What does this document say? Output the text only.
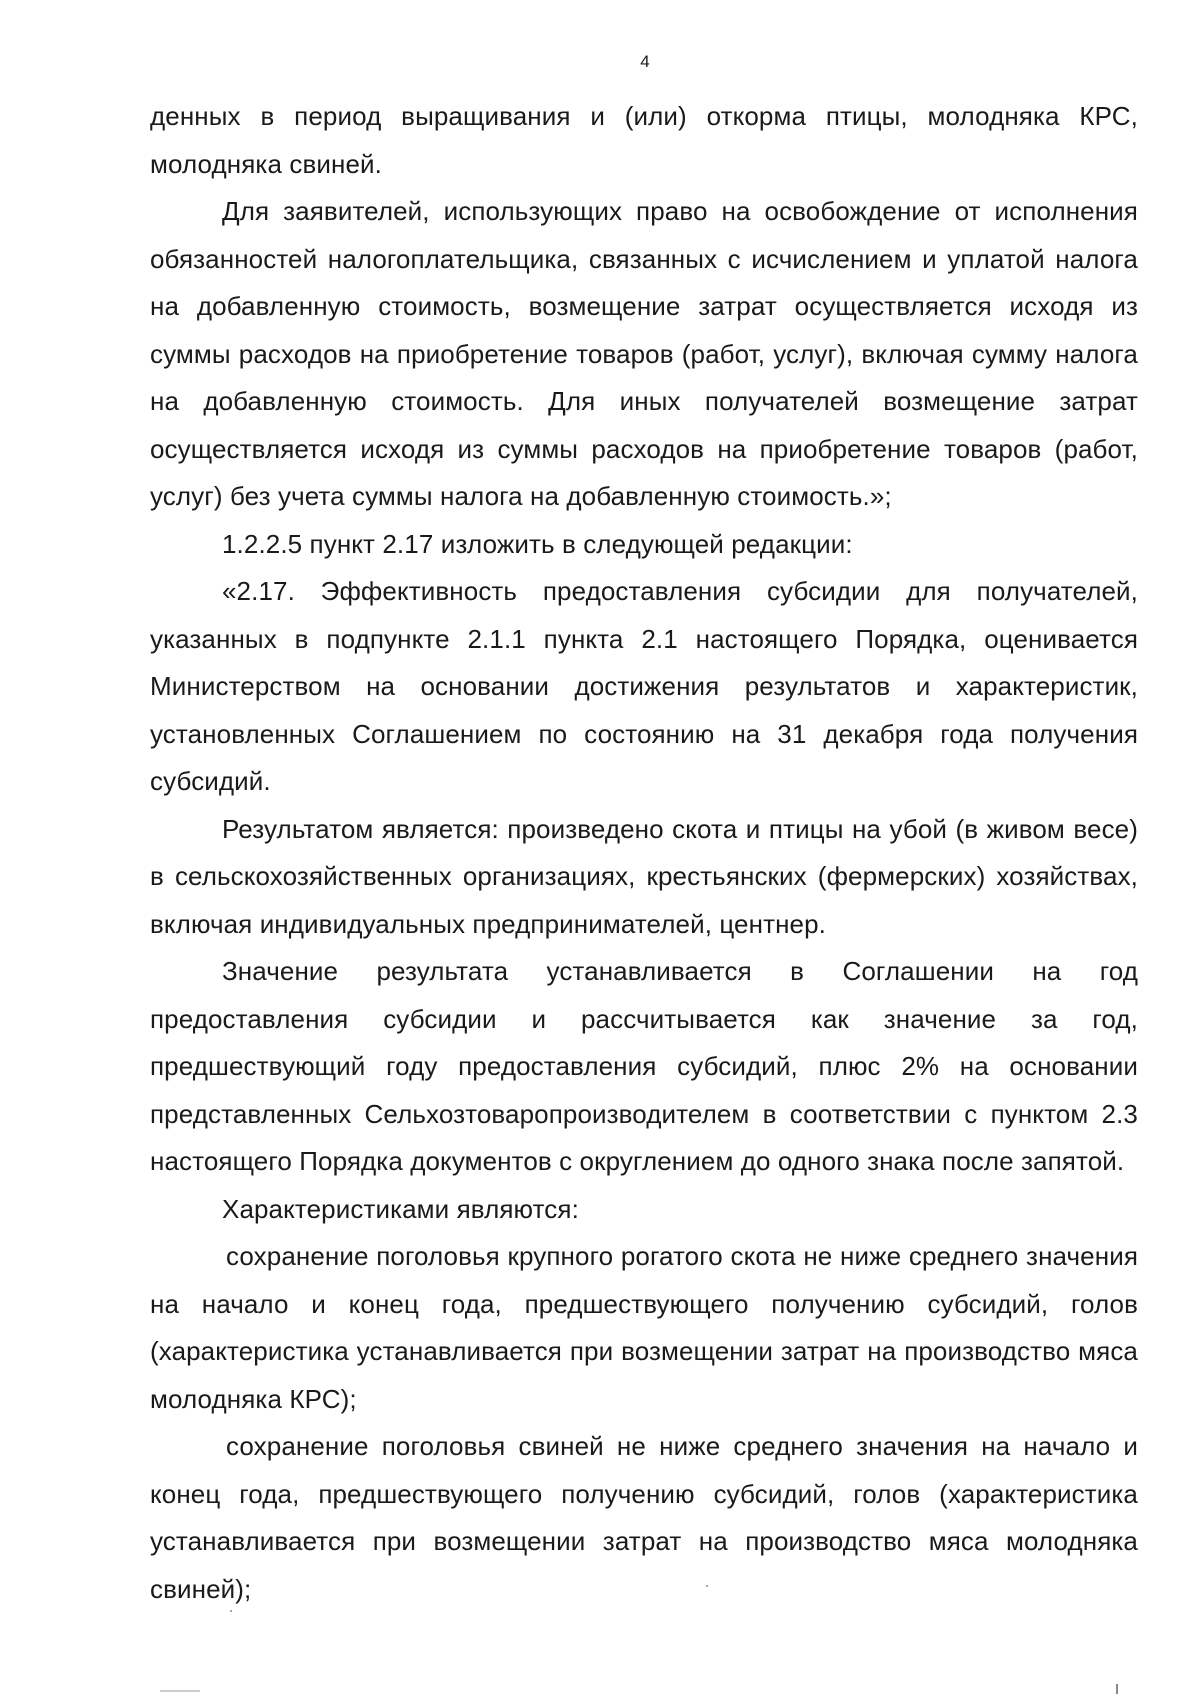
4

денных в период выращивания и (или) откорма птицы, молодняка КРС, молодняка свиней.

Для заявителей, использующих право на освобождение от исполнения обязанностей налогоплательщика, связанных с исчислением и уплатой налога на добавленную стоимость, возмещение затрат осуществляется исходя из суммы расходов на приобретение товаров (работ, услуг), включая сумму налога на добавленную стоимость. Для иных получателей возмещение затрат осуществляется исходя из суммы расходов на приобретение товаров (работ, услуг) без учета суммы налога на добавленную стоимость.»;

1.2.2.5 пункт 2.17 изложить в следующей редакции:

«2.17. Эффективность предоставления субсидии для получателей, указанных в подпункте 2.1.1 пункта 2.1 настоящего Порядка, оценивается Министерством на основании достижения результатов и характеристик, установленных Соглашением по состоянию на 31 декабря года получения субсидий.

Результатом является: произведено скота и птицы на убой (в живом весе) в сельскохозяйственных организациях, крестьянских (фермерских) хозяйствах, включая индивидуальных предпринимателей, центнер.

Значение результата устанавливается в Соглашении на год предоставления субсидии и рассчитывается как значение за год, предшествующий году предоставления субсидий, плюс 2% на основании представленных Сельхозтоваропроизводителем в соответствии с пунктом 2.3 настоящего Порядка документов с округлением до одного знака после запятой.

Характеристиками являются:

сохранение поголовья крупного рогатого скота не ниже среднего значения на начало и конец года, предшествующего получению субсидий, голов (характеристика устанавливается при возмещении затрат на производство мяса молодняка КРС);

сохранение поголовья свиней не ниже среднего значения на начало и конец года, предшествующего получению субсидий, голов (характеристика устанавливается при возмещении затрат на производство мяса молодняка свиней);
